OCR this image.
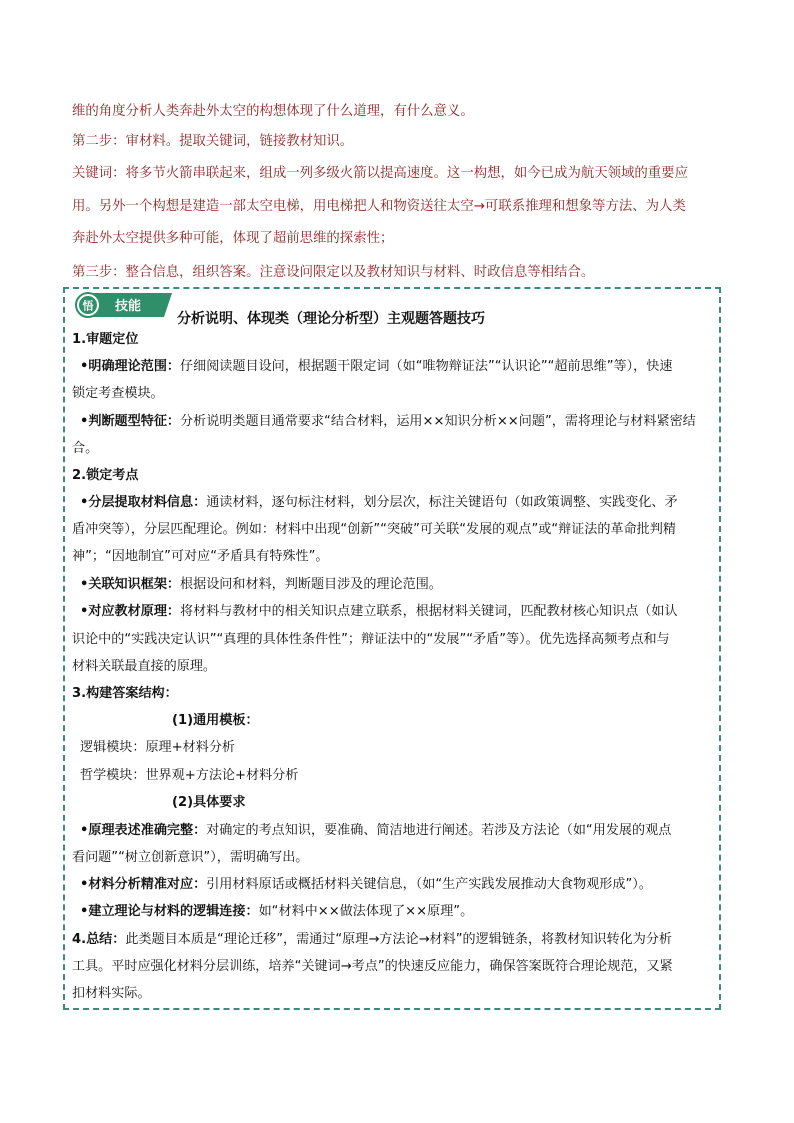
维的角度分析人类奔赴外太空的构想体现了什么道理，有什么意义。
第二步：审材料。提取关键词，链接教材知识。
关键词：将多节火箭串联起来，组成一列多级火箭以提高速度。这一构想，如今已成为航天领域的重要应
用。另外一个构想是建造一部太空电梯，用电梯把人和物资送往太空→可联系推理和想象等方法、为人类
奔赴外太空提供多种可能，体现了超前思维的探索性；
第三步：整合信息，组织答案。注意设问限定以及教材知识与材料、时政信息等相结合。
悟 技能
分析说明、体现类（理论分析型）主观题答题技巧
1.审题定位
•明确理论范围：仔细阅读题目设问，根据题干限定词（如“唯物辩证法”“认识论”“超前思维”等），快速
锁定考查模块。
•判断题型特征：分析说明类题目通常要求“结合材料，运用××知识分析××问题”，需将理论与材料紧密结
合。
2.锁定考点
•分层提取材料信息：通读材料，逐句标注材料，划分层次，标注关键语句（如政策调整、实践变化、矛
盾冲突等），分层匹配理论。例如：材料中出现“创新”“突破”可关联“发展的观点”或“辩证法的革命批判精
神”；“因地制宜”可对应“矛盾具有特殊性”。
•关联知识框架：根据设问和材料，判断题目涉及的理论范围。
•对应教材原理：将材料与教材中的相关知识点建立联系，根据材料关键词，匹配教材核心知识点（如认
识论中的“实践决定认识”“真理的具体性条件性”；辩证法中的“发展”“矛盾”等）。优先选择高频考点和与
材料关联最直接的原理。
3.构建答案结构：
(1)通用模板：
逻辑模块：原理+材料分析
哲学模块：世界观+方法论+材料分析
(2)具体要求
•原理表述准确完整：对确定的考点知识，要准确、简洁地进行阐述。若涉及方法论（如“用发展的观点
看问题”“树立创新意识”），需明确写出。
•材料分析精准对应：引用材料原话或概括材料关键信息，（如“生产实践发展推动大食物观形成”）。
•建立理论与材料的逻辑连接：如“材料中××做法体现了××原理”。
4.总结：此类题目本质是“理论迁移”，需通过“原理→方法论→材料”的逻辑链条，将教材知识转化为分析
工具。平时应强化材料分层训练，培养“关键词→考点”的快速反应能力，确保答案既符合理论规范，又紧
扣材料实际。
